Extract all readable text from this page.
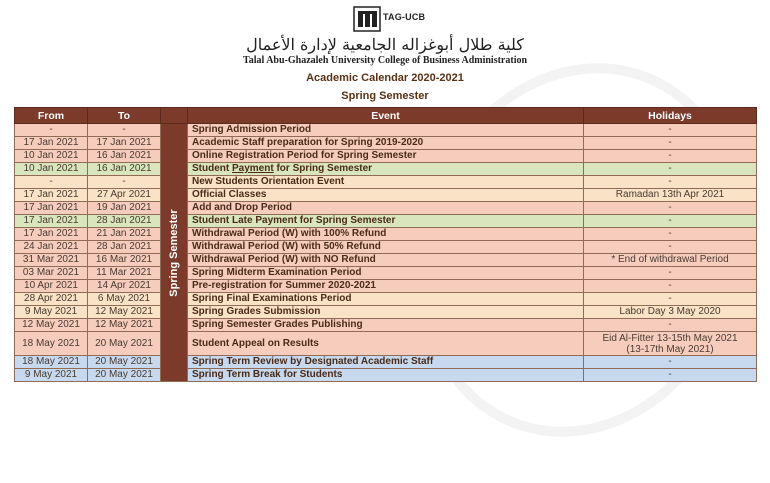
TAG-UCB
كلية طلال أبوغزاله الجامعية لإدارة الأعمال
Talal Abu-Ghazaleh University College of Business Administration
Academic Calendar 2020-2021
Spring Semester
From	To		Event	Holidays
-	-	Spring Semester	Spring Admission Period	-

17 Jan 2021	17 Jan 2021		Academic Staff preparation for Spring 2019-2020	-

10 Jan 2021	16 Jan 2021		Online Registration Period for Spring Semester	-

10 Jan 2021	16 Jan 2021		Student Payment for Spring Semester	-

-	-		New Students Orientation Event	-

17 Jan 2021	27 Apr 2021		Official Classes	Ramadan 13th Apr 2021

17 Jan 2021	19 Jan 2021		Add and Drop Period	-

17 Jan 2021	28 Jan 2021		Student Late Payment for Spring Semester	-

17 Jan 2021	21 Jan 2021		Withdrawal Period (W) with 100% Refund	-

24 Jan 2021	28 Jan 2021		Withdrawal Period (W) with 50% Refund	-

31 Mar 2021	16 Mar 2021		Withdrawal Period (W) with NO Refund	* End of withdrawal Period

03 Mar 2021	11 Mar 2021		Spring Midterm Examination Period	-

10 Apr 2021	14 Apr 2021		Pre-registration for Summer 2020-2021	-

28 Apr 2021	6 May 2021		Spring Final Examinations Period	-

9 May 2021	12 May 2021		Spring Grades Submission	Labor Day 3 May 2020

12 May 2021	12 May 2021		Spring Semester Grades Publishing	-

18 May 2021	20 May 2021		Student Appeal on Results	Eid Al-Fitter 13-15th May 2021
(13-17th May 2021)

18 May 2021	20 May 2021		Spring Term Review by Designated Academic Staff	-

9 May 2021	20 May 2021		Spring Term Break for Students	-
